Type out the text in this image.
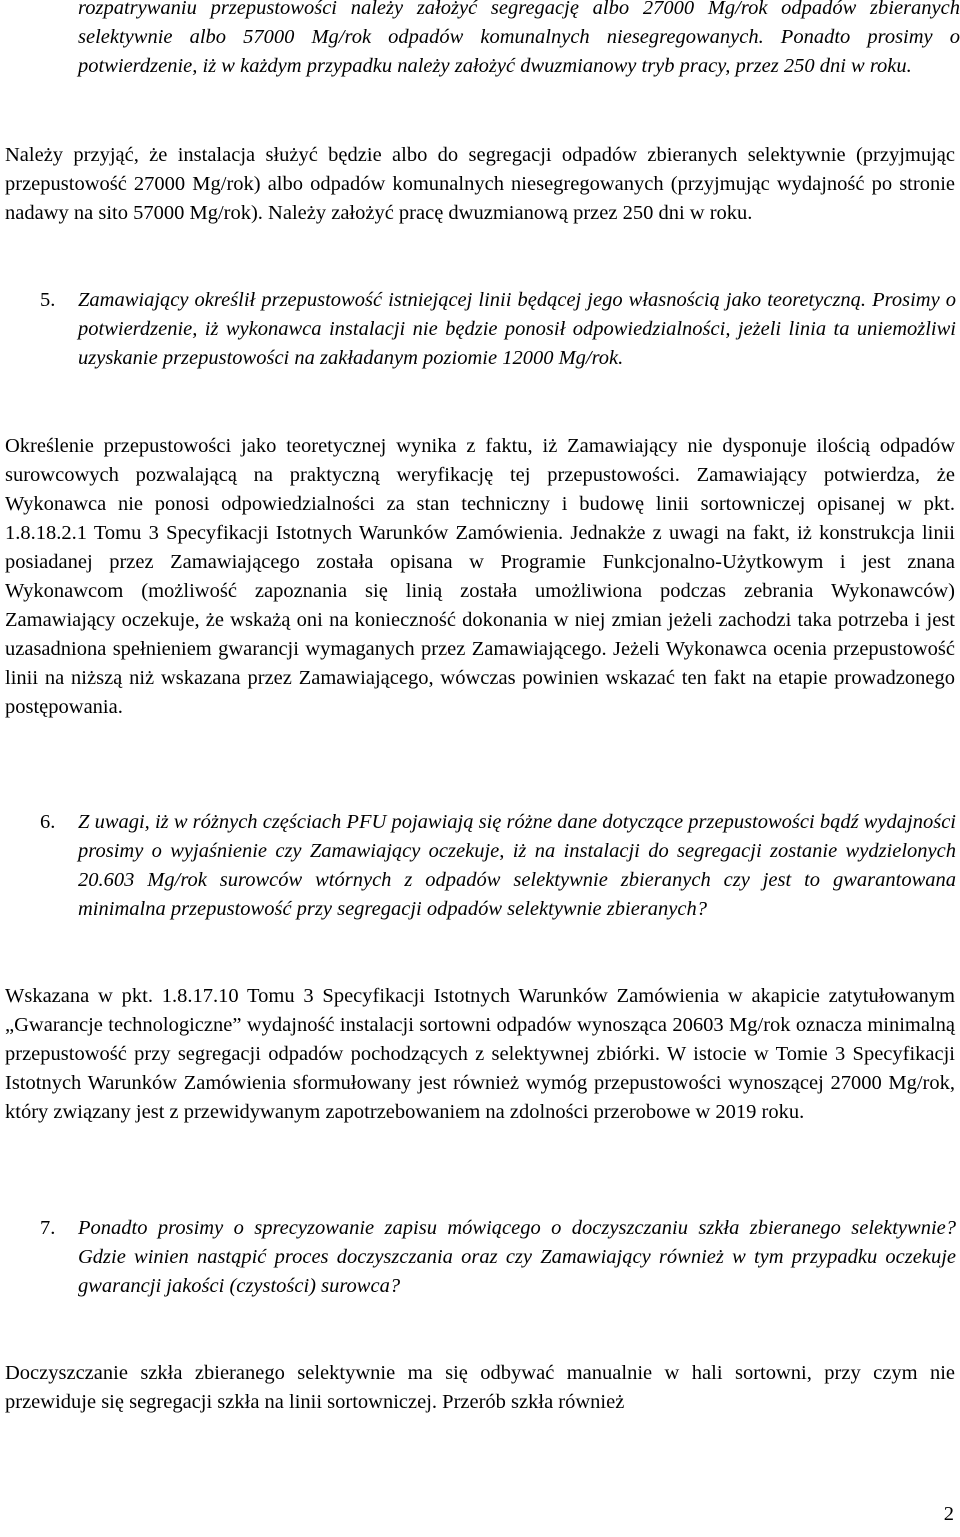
rozpatrywaniu przepustowości należy założyć segregację albo 27000 Mg/rok odpadów zbieranych selektywnie albo 57000 Mg/rok odpadów komunalnych niesegregowanych. Ponadto prosimy o potwierdzenie, iż w każdym przypadku należy założyć dwuzmianowy tryb pracy, przez 250 dni w roku.

Należy przyjąć, że instalacja służyć będzie albo do segregacji odpadów zbieranych selektywnie (przyjmując przepustowość 27000 Mg/rok) albo odpadów komunalnych niesegregowanych (przyjmując wydajność po stronie nadawy na sito 57000 Mg/rok). Należy założyć pracę dwuzmianową przez 250 dni w roku.

5.	Zamawiający określił przepustowość istniejącej linii będącej jego własnością jako teoretyczną. Prosimy o potwierdzenie, iż wykonawca instalacji nie będzie ponosił odpowiedzialności, jeżeli linia ta uniemożliwi uzyskanie przepustowości na zakładanym poziomie 12000 Mg/rok.

Określenie przepustowości jako teoretycznej wynika z faktu, iż Zamawiający nie dysponuje ilością odpadów surowcowych pozwalającą na praktyczną weryfikację tej przepustowości. Zamawiający potwierdza, że Wykonawca nie ponosi odpowiedzialności za stan techniczny i budowę linii sortowniczej opisanej w pkt. 1.8.18.2.1 Tomu 3 Specyfikacji Istotnych Warunków Zamówienia. Jednakże z uwagi na fakt, iż konstrukcja linii posiadanej przez Zamawiającego została opisana w Programie Funkcjonalno-Użytkowym i jest znana Wykonawcom (możliwość zapoznania się linią została umożliwiona podczas zebrania Wykonawców) Zamawiający oczekuje, że wskażą oni na konieczność dokonania w niej zmian jeżeli zachodzi taka potrzeba i jest uzasadniona spełnieniem gwarancji wymaganych przez Zamawiającego. Jeżeli Wykonawca ocenia przepustowość linii na niższą niż wskazana przez Zamawiającego, wówczas powinien wskazać ten fakt na etapie prowadzonego postępowania.

6.	Z uwagi, iż w różnych częściach PFU pojawiają się różne dane dotyczące przepustowości bądź wydajności prosimy o wyjaśnienie czy Zamawiający oczekuje, iż na instalacji do segregacji zostanie wydzielonych 20.603 Mg/rok surowców wtórnych z odpadów selektywnie zbieranych czy jest to gwarantowana minimalna przepustowość przy segregacji odpadów selektywnie zbieranych?

Wskazana w pkt. 1.8.17.10 Tomu 3 Specyfikacji Istotnych Warunków Zamówienia w akapicie zatytułowanym „Gwarancje technologiczne” wydajność instalacji sortowni odpadów wynosząca 20603 Mg/rok oznacza minimalną przepustowość przy segregacji odpadów pochodzących z selektywnej zbiórki. W istocie w Tomie 3 Specyfikacji Istotnych Warunków Zamówienia sformułowany jest również wymóg przepustowości wynoszącej 27000 Mg/rok, który związany jest z przewidywanym zapotrzebowaniem na zdolności przerobowe w 2019 roku.

7.	Ponadto prosimy o sprecyzowanie zapisu mówiącego o doczyszczaniu szkła zbieranego selektywnie? Gdzie winien nastąpić proces doczyszczania oraz czy Zamawiający również w tym przypadku oczekuje gwarancji jakości (czystości) surowca?

Doczyszczanie szkła zbieranego selektywnie ma się odbywać manualnie w hali sortowni, przy czym nie przewiduje się segregacji szkła na linii sortowniczej. Przerób szkła również

2
